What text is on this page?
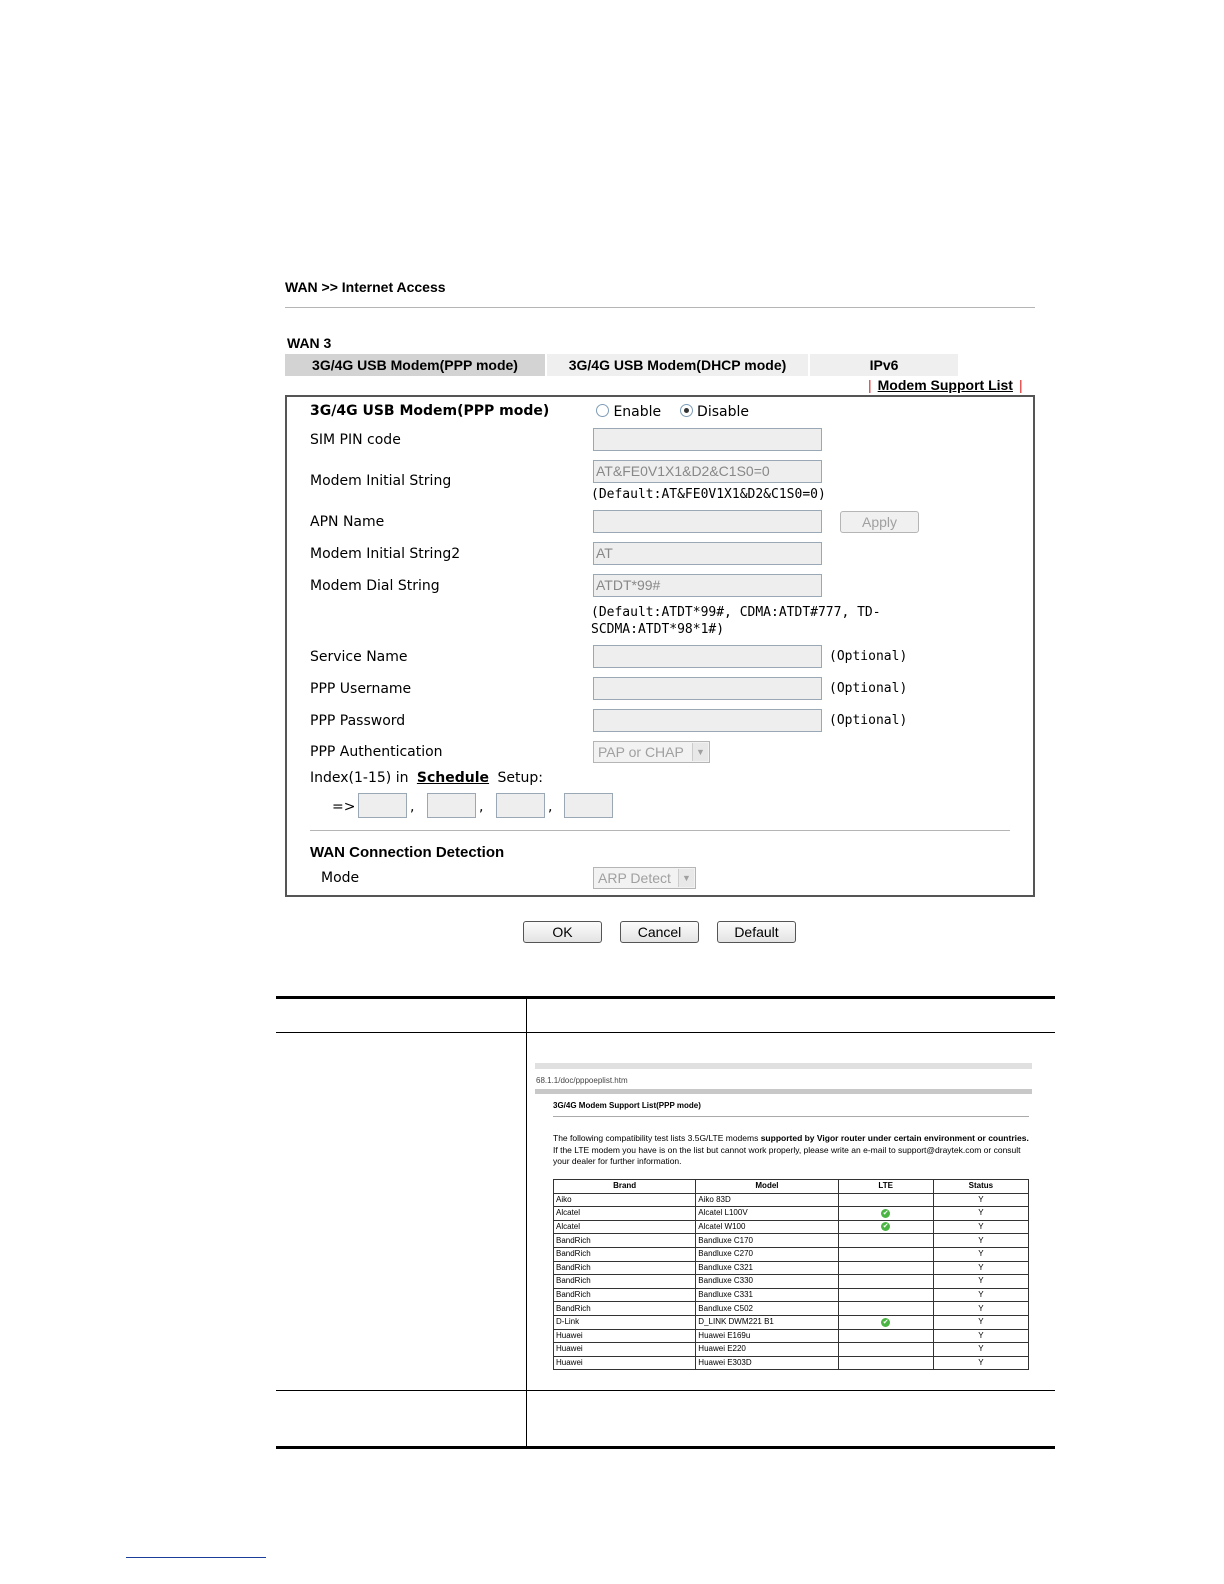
WAN >> Internet Access
WAN 3
3G/4G USB Modem(PPP mode)	3G/4G USB Modem(DHCP mode)	IPv6
| Modem Support List |
3G/4G USB Modem(PPP mode)	Enable	Disable
SIM PIN code
Modem Initial String
AT&FE0V1X1&D2&C1S0=0
(Default:AT&FE0V1X1&D2&C1S0=0)
APN Name	Apply
Modem Initial String2	AT
Modem Dial String	ATDT*99#
(Default:ATDT*99#, CDMA:ATDT#777, TD-
SCDMA:ATDT*98*1#)
Service Name	(Optional)
PPP Username	(Optional)
PPP Password	(Optional)
PPP Authentication	PAP or CHAP	▼
Index(1-15) in Schedule Setup:
=>	,	,	,
WAN Connection Detection
Mode	ARP Detect	▼
OK	Cancel	Default
68.1.1/doc/pppoeplist.htm
3G/4G Modem Support List(PPP mode)
The following compatibility test lists 3.5G/LTE modems supported by Vigor router under certain environment or countries. If the LTE modem you have is on the list but cannot work properly, please write an e-mail to support@draytek.com or consult your dealer for further information.
Brand	Model	LTE	Status
Aiko	Aiko 83D		Y
Alcatel	Alcatel L100V	✔	Y
Alcatel	Alcatel W100	✔	Y
BandRich	Bandluxe C170		Y
BandRich	Bandluxe C270		Y
BandRich	Bandluxe C321		Y
BandRich	Bandluxe C330		Y
BandRich	Bandluxe C331		Y
BandRich	Bandluxe C502		Y
D-Link	D_LINK DWM221 B1	✔	Y
Huawei	Huawei E169u		Y
Huawei	Huawei E220		Y
Huawei	Huawei E303D		Y
